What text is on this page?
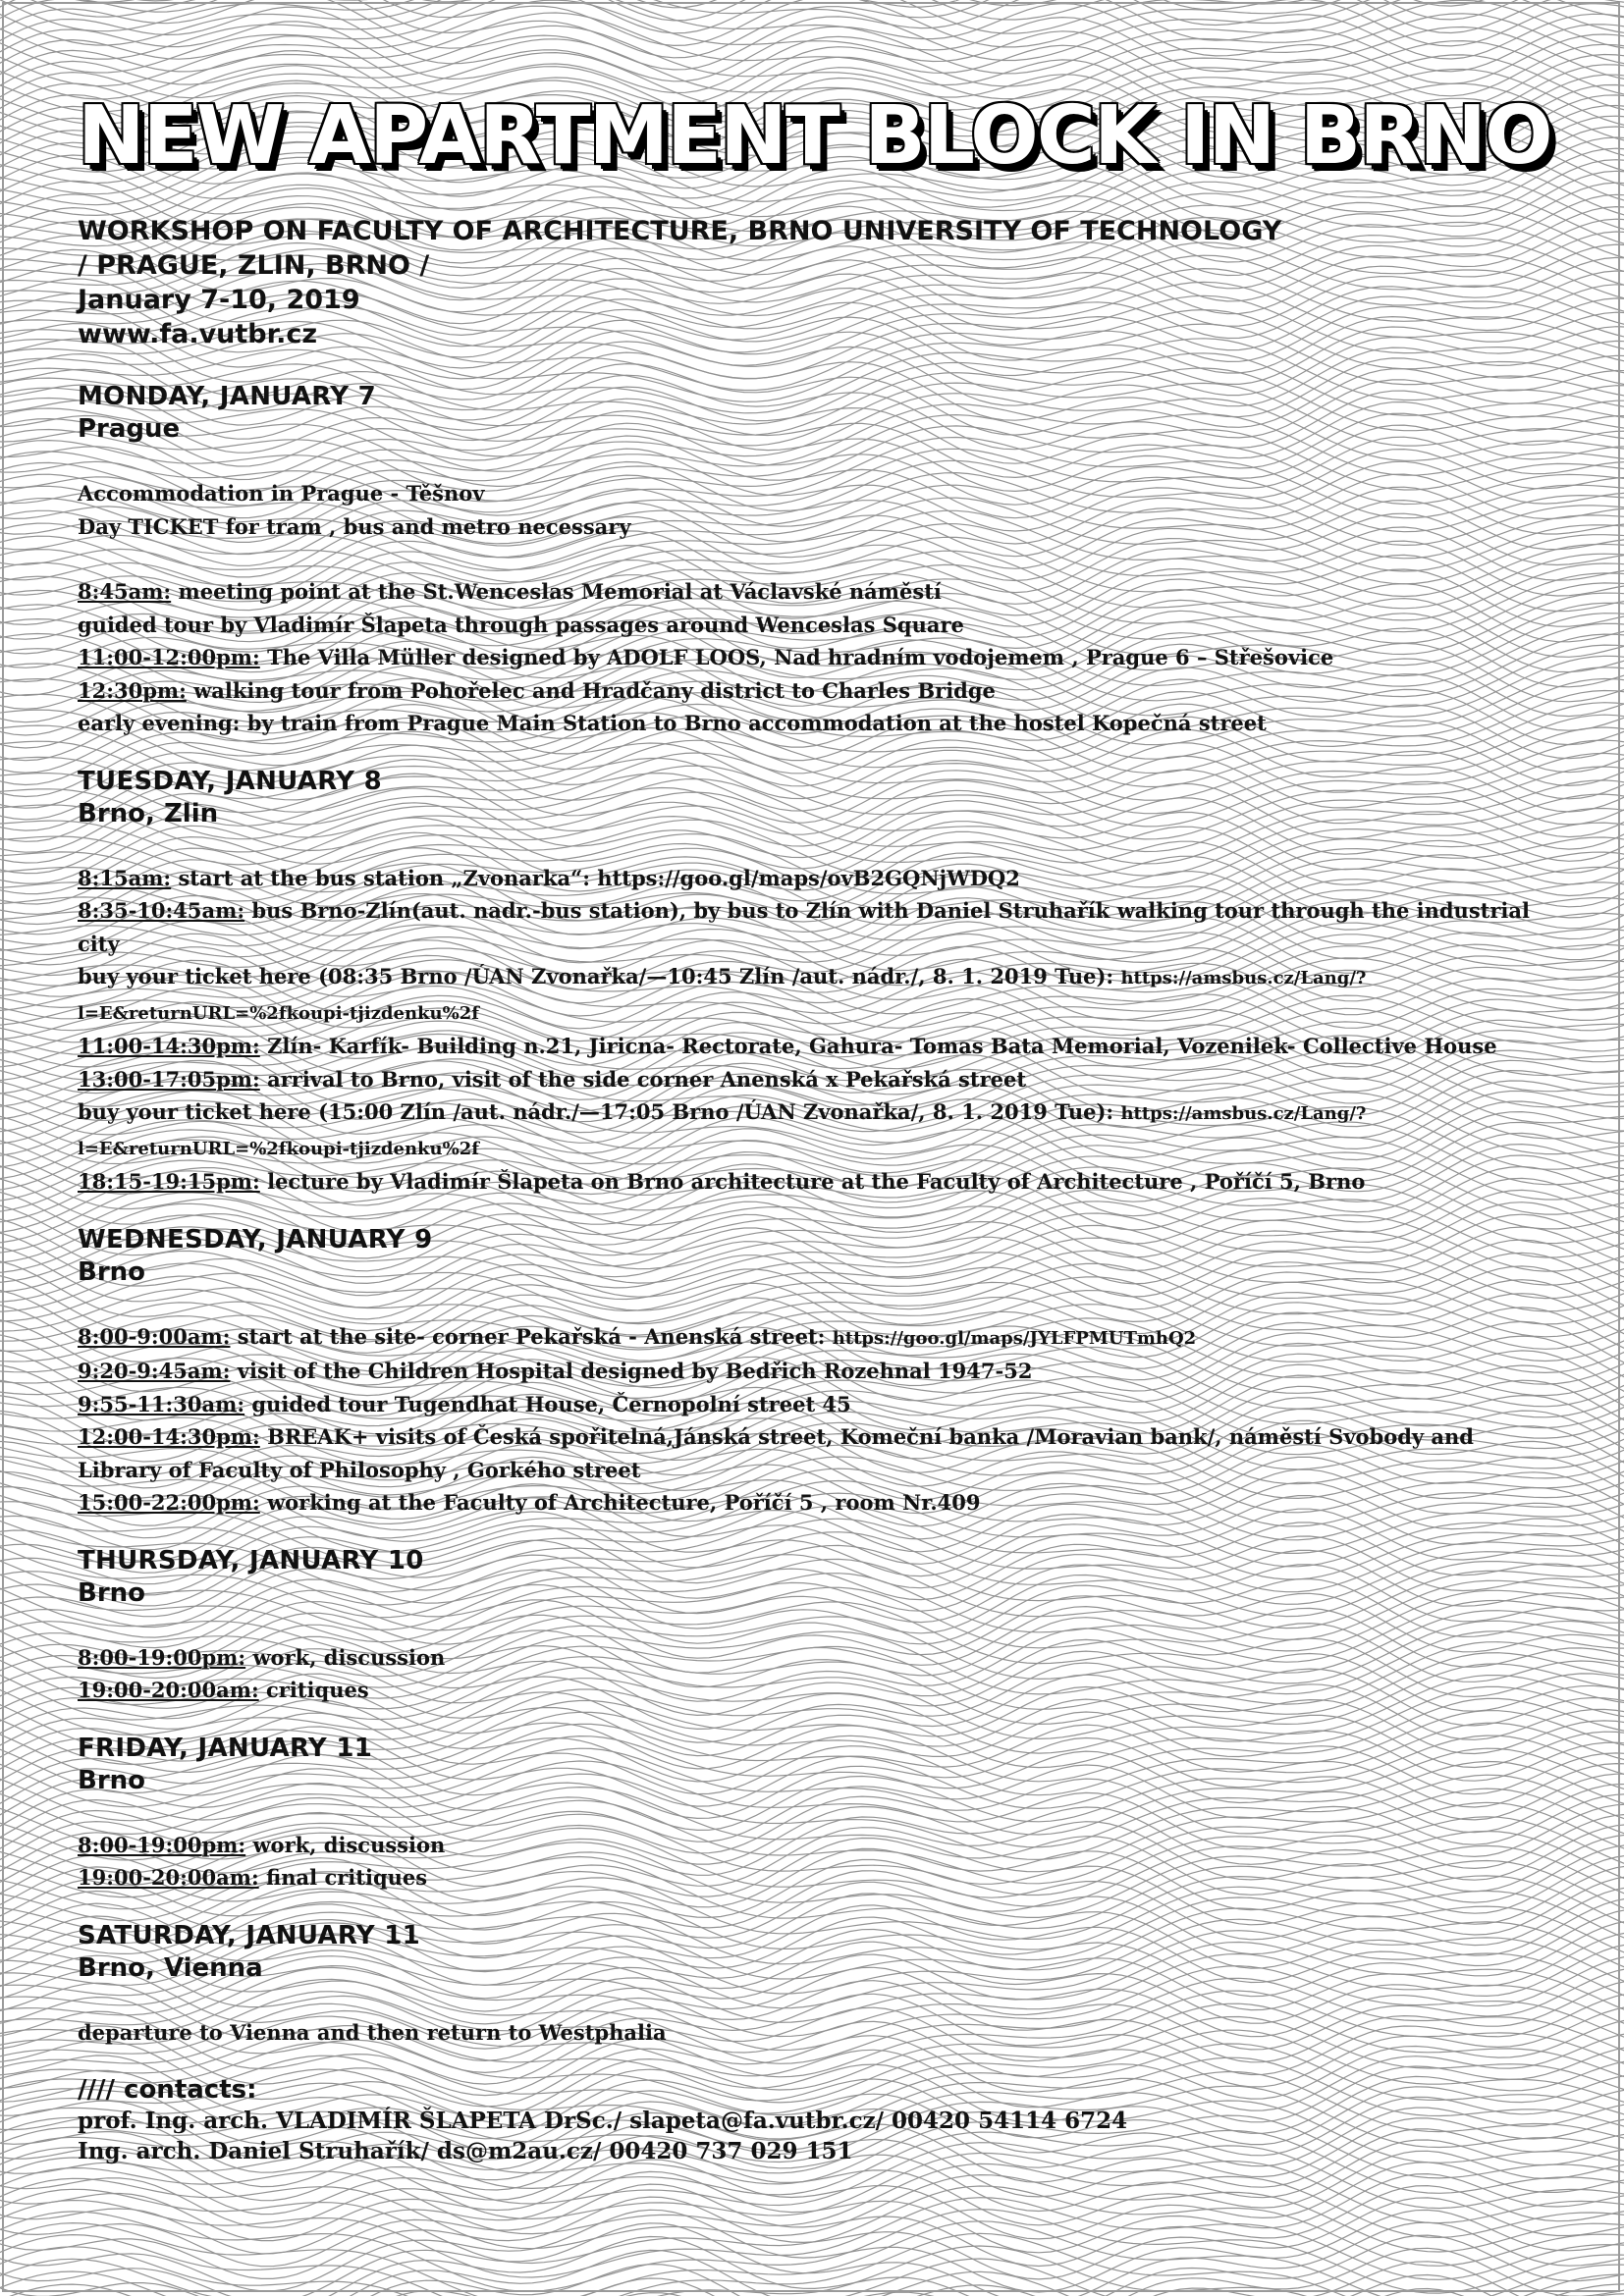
NEW APARTMENT BLOCK IN BRNO
WORKSHOP ON FACULTY OF ARCHITECTURE, BRNO UNIVERSITY OF TECHNOLOGY
/ PRAGUE, ZLIN, BRNO /
January 7-10, 2019
www.fa.vutbr.cz
MONDAY, JANUARY 7
Prague
Accommodation in Prague - Těšnov
Day TICKET for tram , bus and metro necessary
8:45am: meeting point at the St.Wenceslas Memorial at Václavské náměstí
guided tour by Vladimír Šlapeta through passages around Wenceslas Square
11:00-12:00pm: The Villa Müller designed by ADOLF LOOS, Nad hradním vodojemem , Prague 6 – Střešovice
12:30pm: walking tour from Pohořelec and Hradčany district to Charles Bridge
early evening: by train from Prague Main Station to Brno accommodation at the hostel Kopečná street
TUESDAY, JANUARY 8
Brno, Zlin
8:15am: start at the bus station „Zvonarka“: https://goo.gl/maps/ovB2GQNjWDQ2
8:35-10:45am: bus Brno-Zlín(aut. nadr.-bus station), by bus to Zlín with Daniel Struhařík walking tour through the industrial city
buy your ticket here (08:35 Brno /ÚAN Zvonařka/—10:45 Zlín /aut. nádr./, 8. 1. 2019 Tue): https://amsbus.cz/Lang/?l=E&returnURL=%2fkoupi-tjizdenku%2f
11:00-14:30pm: Zlín- Karfík- Building n.21, Jiricna- Rectorate, Gahura- Tomas Bata Memorial, Vozenilek- Collective House
13:00-17:05pm: arrival to Brno, visit of the side corner Anenská x Pekařská street
buy your ticket here (15:00 Zlín /aut. nádr./—17:05 Brno /ÚAN Zvonařka/, 8. 1. 2019 Tue): https://amsbus.cz/Lang/?l=E&returnURL=%2fkoupi-tjizdenku%2f
18:15-19:15pm: lecture by Vladimír Šlapeta on Brno architecture at the Faculty of Architecture , Poříčí 5, Brno
WEDNESDAY, JANUARY 9
Brno
8:00-9:00am: start at the site- corner Pekařská - Anenská street: https://goo.gl/maps/JYLFPMUTmhQ2
9:20-9:45am: visit of the Children Hospital designed by Bedřich Rozehnal 1947-52
9:55-11:30am: guided tour Tugendhat House, Černopolní street 45
12:00-14:30pm: BREAK+ visits of Česká spořitelná,Jánská street, Komeční banka /Moravian bank/, náměstí Svobody and Library of Faculty of Philosophy , Gorkého street
15:00-22:00pm: working at the Faculty of Architecture, Poříčí 5 , room Nr.409
THURSDAY, JANUARY 10
Brno
8:00-19:00pm: work, discussion
19:00-20:00am: critiques
FRIDAY, JANUARY 11
Brno
8:00-19:00pm: work, discussion
19:00-20:00am: final critiques
SATURDAY, JANUARY 11
Brno, Vienna
departure to Vienna and then return to Westphalia
//// contacts:
prof. Ing. arch. VLADIMÍR ŠLAPETA DrSc./ slapeta@fa.vutbr.cz/ 00420 54114 6724
Ing. arch. Daniel Struhařík/ ds@m2au.cz/ 00420 737 029 151
